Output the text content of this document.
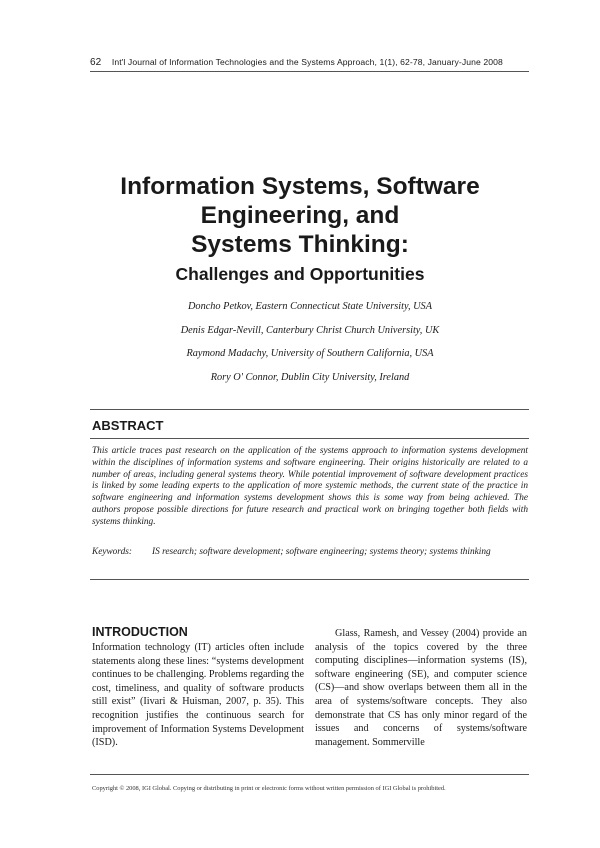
62 Int'l Journal of Information Technologies and the Systems Approach, 1(1), 62-78, January-June 2008
Information Systems, Software
Engineering, and
Systems Thinking:
Challenges and Opportunities
Doncho Petkov, Eastern Connecticut State University, USA
Denis Edgar-Nevill, Canterbury Christ Church University, UK
Raymond Madachy, University of Southern California, USA
Rory O' Connor, Dublin City University, Ireland
ABSTRACT
This article traces past research on the application of the systems approach to information systems development within the disciplines of information systems and software engineering. Their origins historically are related to a number of areas, including general systems theory. While potential improvement of software development practices is linked by some leading experts to the application of more systemic methods, the current state of the practice in software engineering and information systems development shows this is some way from being achieved. The authors propose possible directions for future research and practical work on bringing together both fields with systems thinking.
Keywords: IS research; software development; software engineering; systems theory; systems thinking
INTRODUCTION

Information technology (IT) articles often include statements along these lines: “systems development continues to be challenging. Problems regarding the cost, timeliness, and quality of software products still exist” (Iivari & Huisman, 2007, p. 35). This recognition justifies the continuous search for improvement of Information Systems Development (ISD).

Glass, Ramesh, and Vessey (2004) provide an analysis of the topics covered by the three computing disciplines—information systems (IS), software engineering (SE), and computer science (CS)—and show overlaps between them all in the area of systems/software concepts. They also demonstrate that CS has only minor regard of the issues and concerns of systems/software management. Sommerville

Copyright © 2008, IGI Global. Copying or distributing in print or electronic forms without written permission of IGI Global is prohibited.
